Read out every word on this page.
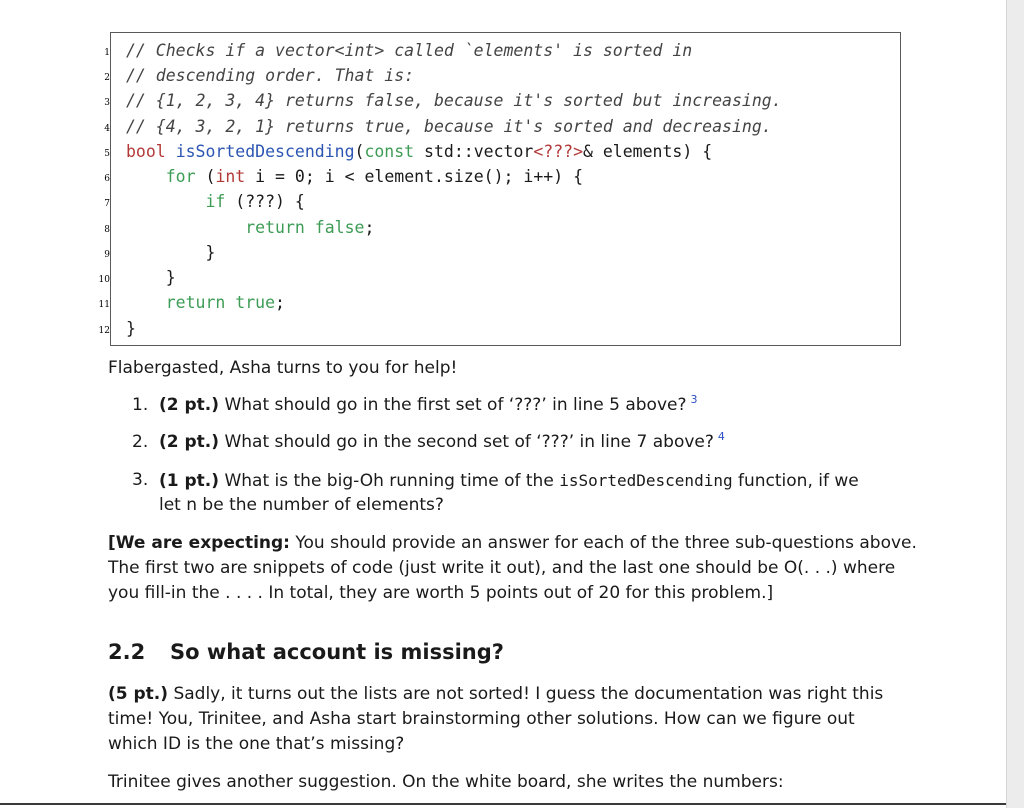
1
2
3
4
5
6
7
8
9
10
11
12
// Checks if a vector<int> called `elements' is sorted in
// descending order. That is:
// {1, 2, 3, 4} returns false, because it's sorted but increasing.
// {4, 3, 2, 1} returns true, because it's sorted and decreasing.
bool isSortedDescending(const std::vector<???>& elements) {
for (int i = 0; i < element.size(); i++) {
if (???) {
return false;
}
}
return true;
}
Flabergasted, Asha turns to you for help!
1. (2 pt.) What should go in the first set of ‘???’ in line 5 above? $^3$
2. (2 pt.) What should go in the second set of ‘???’ in line 7 above? $^4$
3. (1 pt.) What is the big-Oh running time of the isSortedDescending function, if we
let n be the number of elements?
[We are expecting: You should provide an answer for each of the three sub-questions above.
The first two are snippets of code (just write it out), and the last one should be O(. . .) where
you fill-in the . . . . In total, they are worth 5 points out of 20 for this problem.]
2.2 So what account is missing?
(5 pt.) Sadly, it turns out the lists are not sorted! I guess the documentation was right this
time! You, Trinitee, and Asha start brainstorming other solutions. How can we figure out
which ID is the one that’s missing?
Trinitee gives another suggestion. On the white board, she writes the numbers:
